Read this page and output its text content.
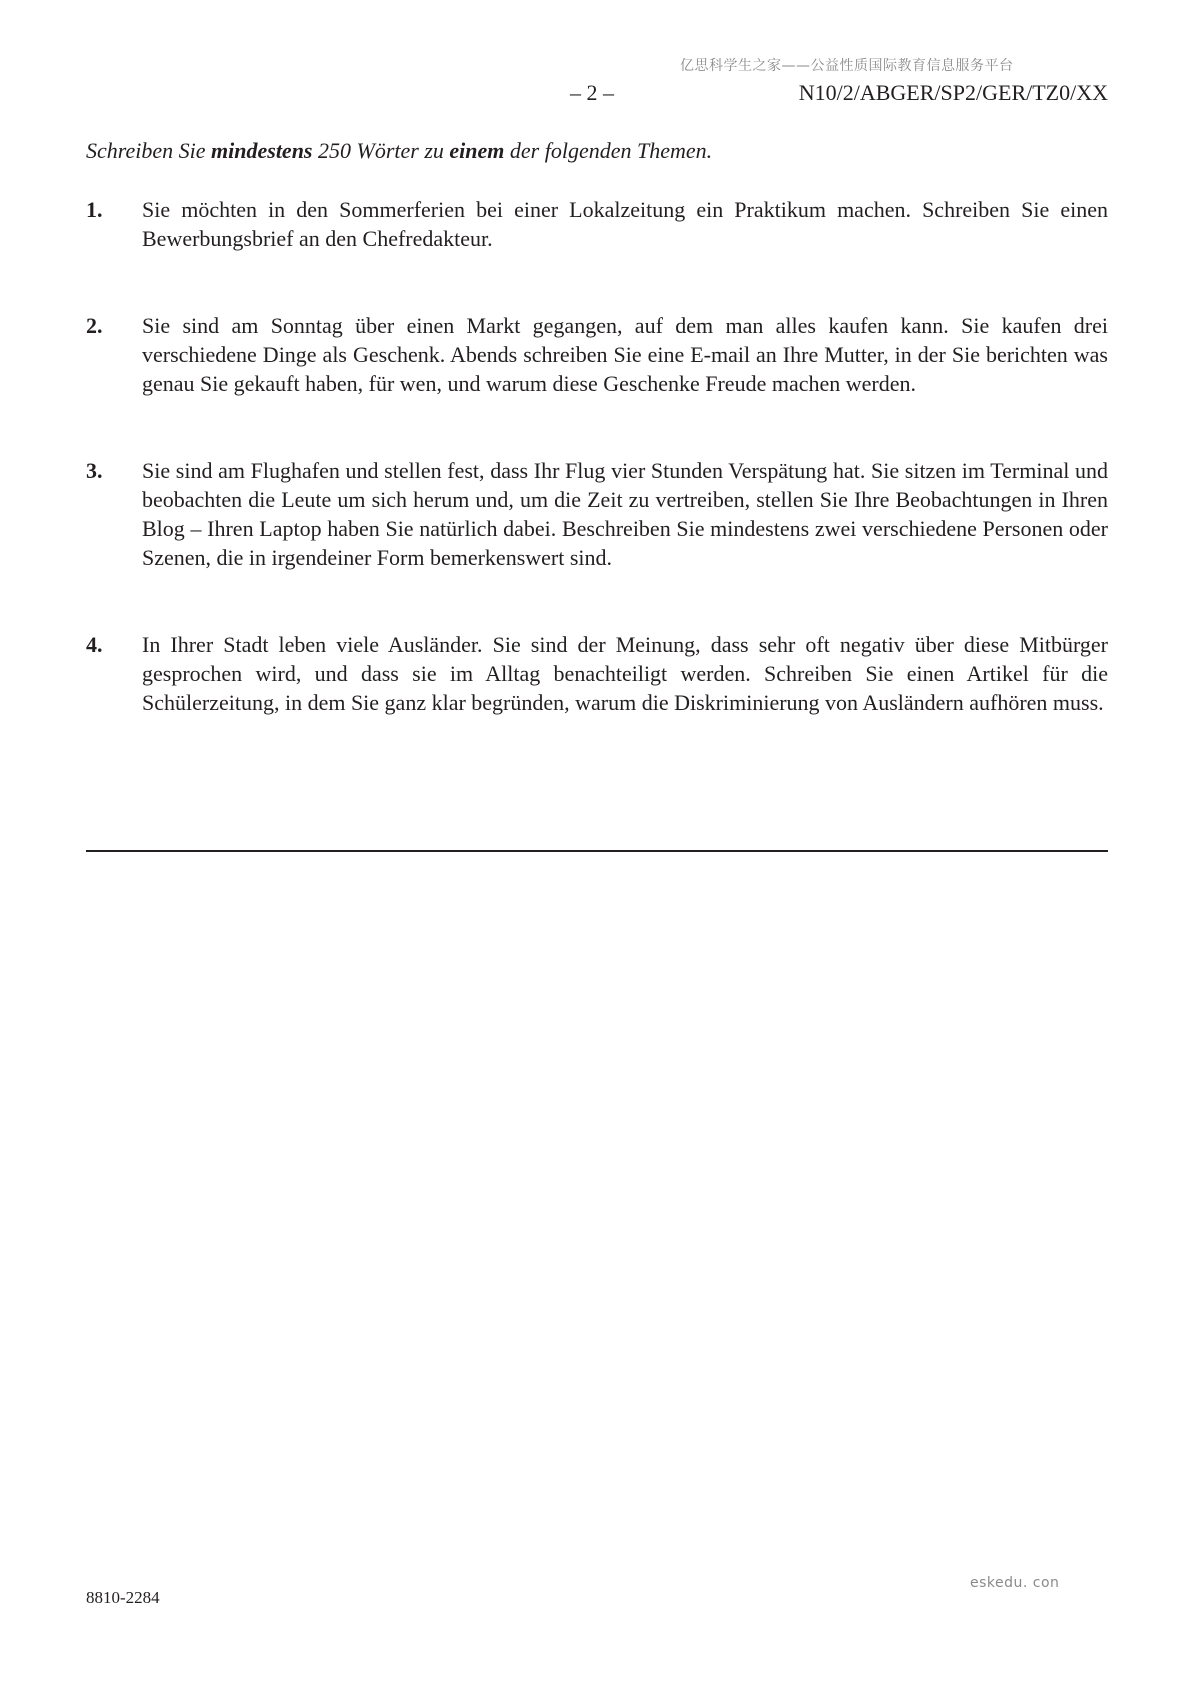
亿思科学生之家——公益性质国际教育信息服务平台
– 2 –	N10/2/ABGER/SP2/GER/TZ0/XX
Schreiben Sie mindestens 250 Wörter zu einem der folgenden Themen.
1.	Sie möchten in den Sommerferien bei einer Lokalzeitung ein Praktikum machen. Schreiben Sie einen Bewerbungsbrief an den Chefredakteur.
2.	Sie sind am Sonntag über einen Markt gegangen, auf dem man alles kaufen kann. Sie kaufen drei verschiedene Dinge als Geschenk. Abends schreiben Sie eine E-mail an Ihre Mutter, in der Sie berichten was genau Sie gekauft haben, für wen, und warum diese Geschenke Freude machen werden.
3.	Sie sind am Flughafen und stellen fest, dass Ihr Flug vier Stunden Verspätung hat. Sie sitzen im Terminal und beobachten die Leute um sich herum und, um die Zeit zu vertreiben, stellen Sie Ihre Beobachtungen in Ihren Blog – Ihren Laptop haben Sie natürlich dabei. Beschreiben Sie mindestens zwei verschiedene Personen oder Szenen, die in irgendeiner Form bemerkenswert sind.
4.	In Ihrer Stadt leben viele Ausländer. Sie sind der Meinung, dass sehr oft negativ über diese Mitbürger gesprochen wird, und dass sie im Alltag benachteiligt werden. Schreiben Sie einen Artikel für die Schülerzeitung, in dem Sie ganz klar begründen, warum die Diskriminierung von Ausländern aufhören muss.
8810-2284
eskedu. con
